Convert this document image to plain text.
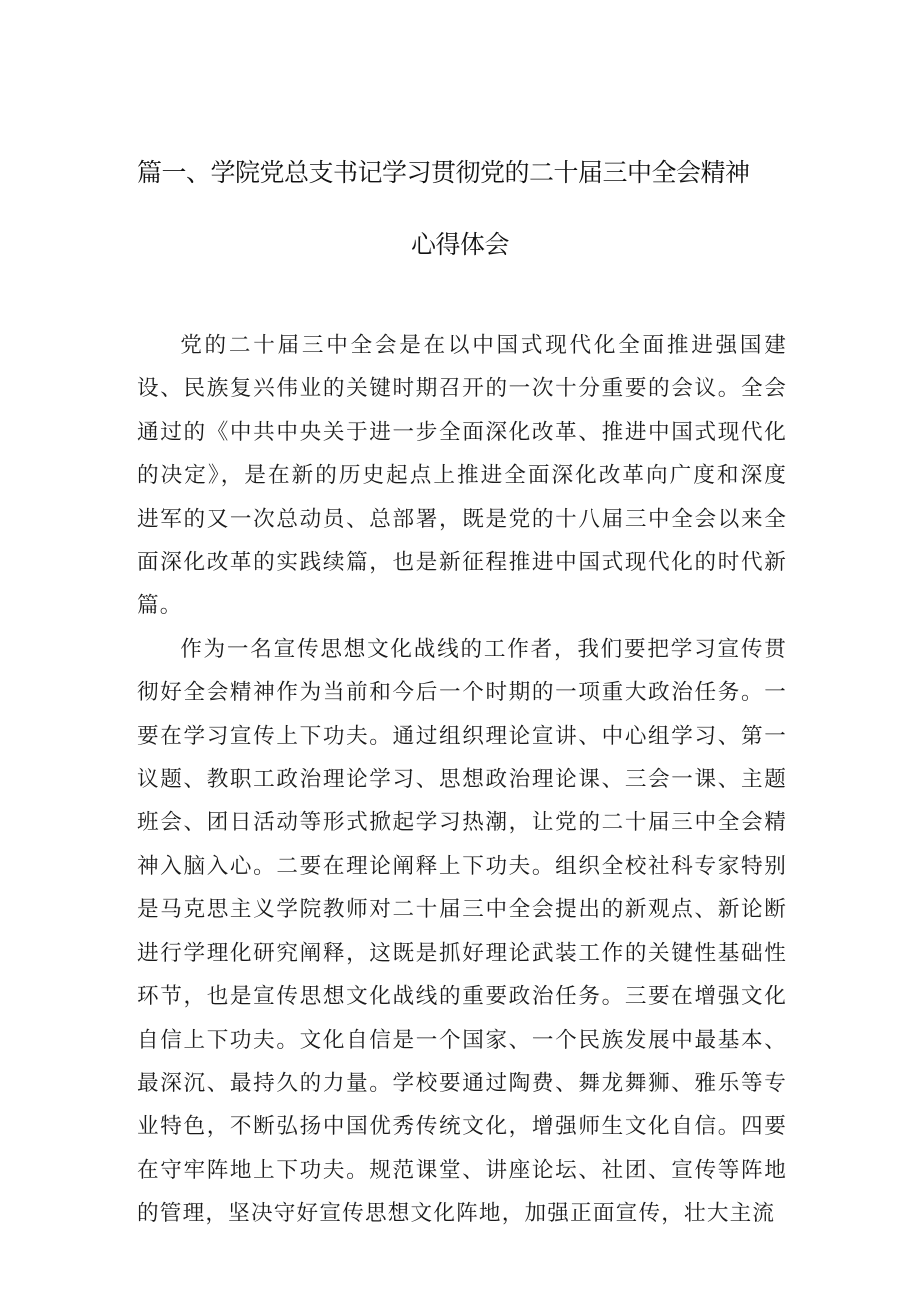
篇一、学院党总支书记学习贯彻党的二十届三中全会精神
心得体会

党的二十届三中全会是在以中国式现代化全面推进强国建设、民族复兴伟业的关键时期召开的一次十分重要的会议。全会通过的《中共中央关于进一步全面深化改革、推进中国式现代化的决定》，是在新的历史起点上推进全面深化改革向广度和深度进军的又一次总动员、总部署，既是党的十八届三中全会以来全面深化改革的实践续篇，也是新征程推进中国式现代化的时代新篇。

作为一名宣传思想文化战线的工作者，我们要把学习宣传贯彻好全会精神作为当前和今后一个时期的一项重大政治任务。一要在学习宣传上下功夫。通过组织理论宣讲、中心组学习、第一议题、教职工政治理论学习、思想政治理论课、三会一课、主题班会、团日活动等形式掀起学习热潮，让党的二十届三中全会精神入脑入心。二要在理论阐释上下功夫。组织全校社科专家特别是马克思主义学院教师对二十届三中全会提出的新观点、新论断进行学理化研究阐释，这既是抓好理论武装工作的关键性基础性环节，也是宣传思想文化战线的重要政治任务。三要在增强文化自信上下功夫。文化自信是一个国家、一个民族发展中最基本、最深沉、最持久的力量。学校要通过陶费、舞龙舞狮、雅乐等专业特色，不断弘扬中国优秀传统文化，增强师生文化自信。四要在守牢阵地上下功夫。规范课堂、讲座论坛、社团、宣传等阵地的管理，坚决守好宣传思想文化阵地，加强正面宣传，壮大主流
